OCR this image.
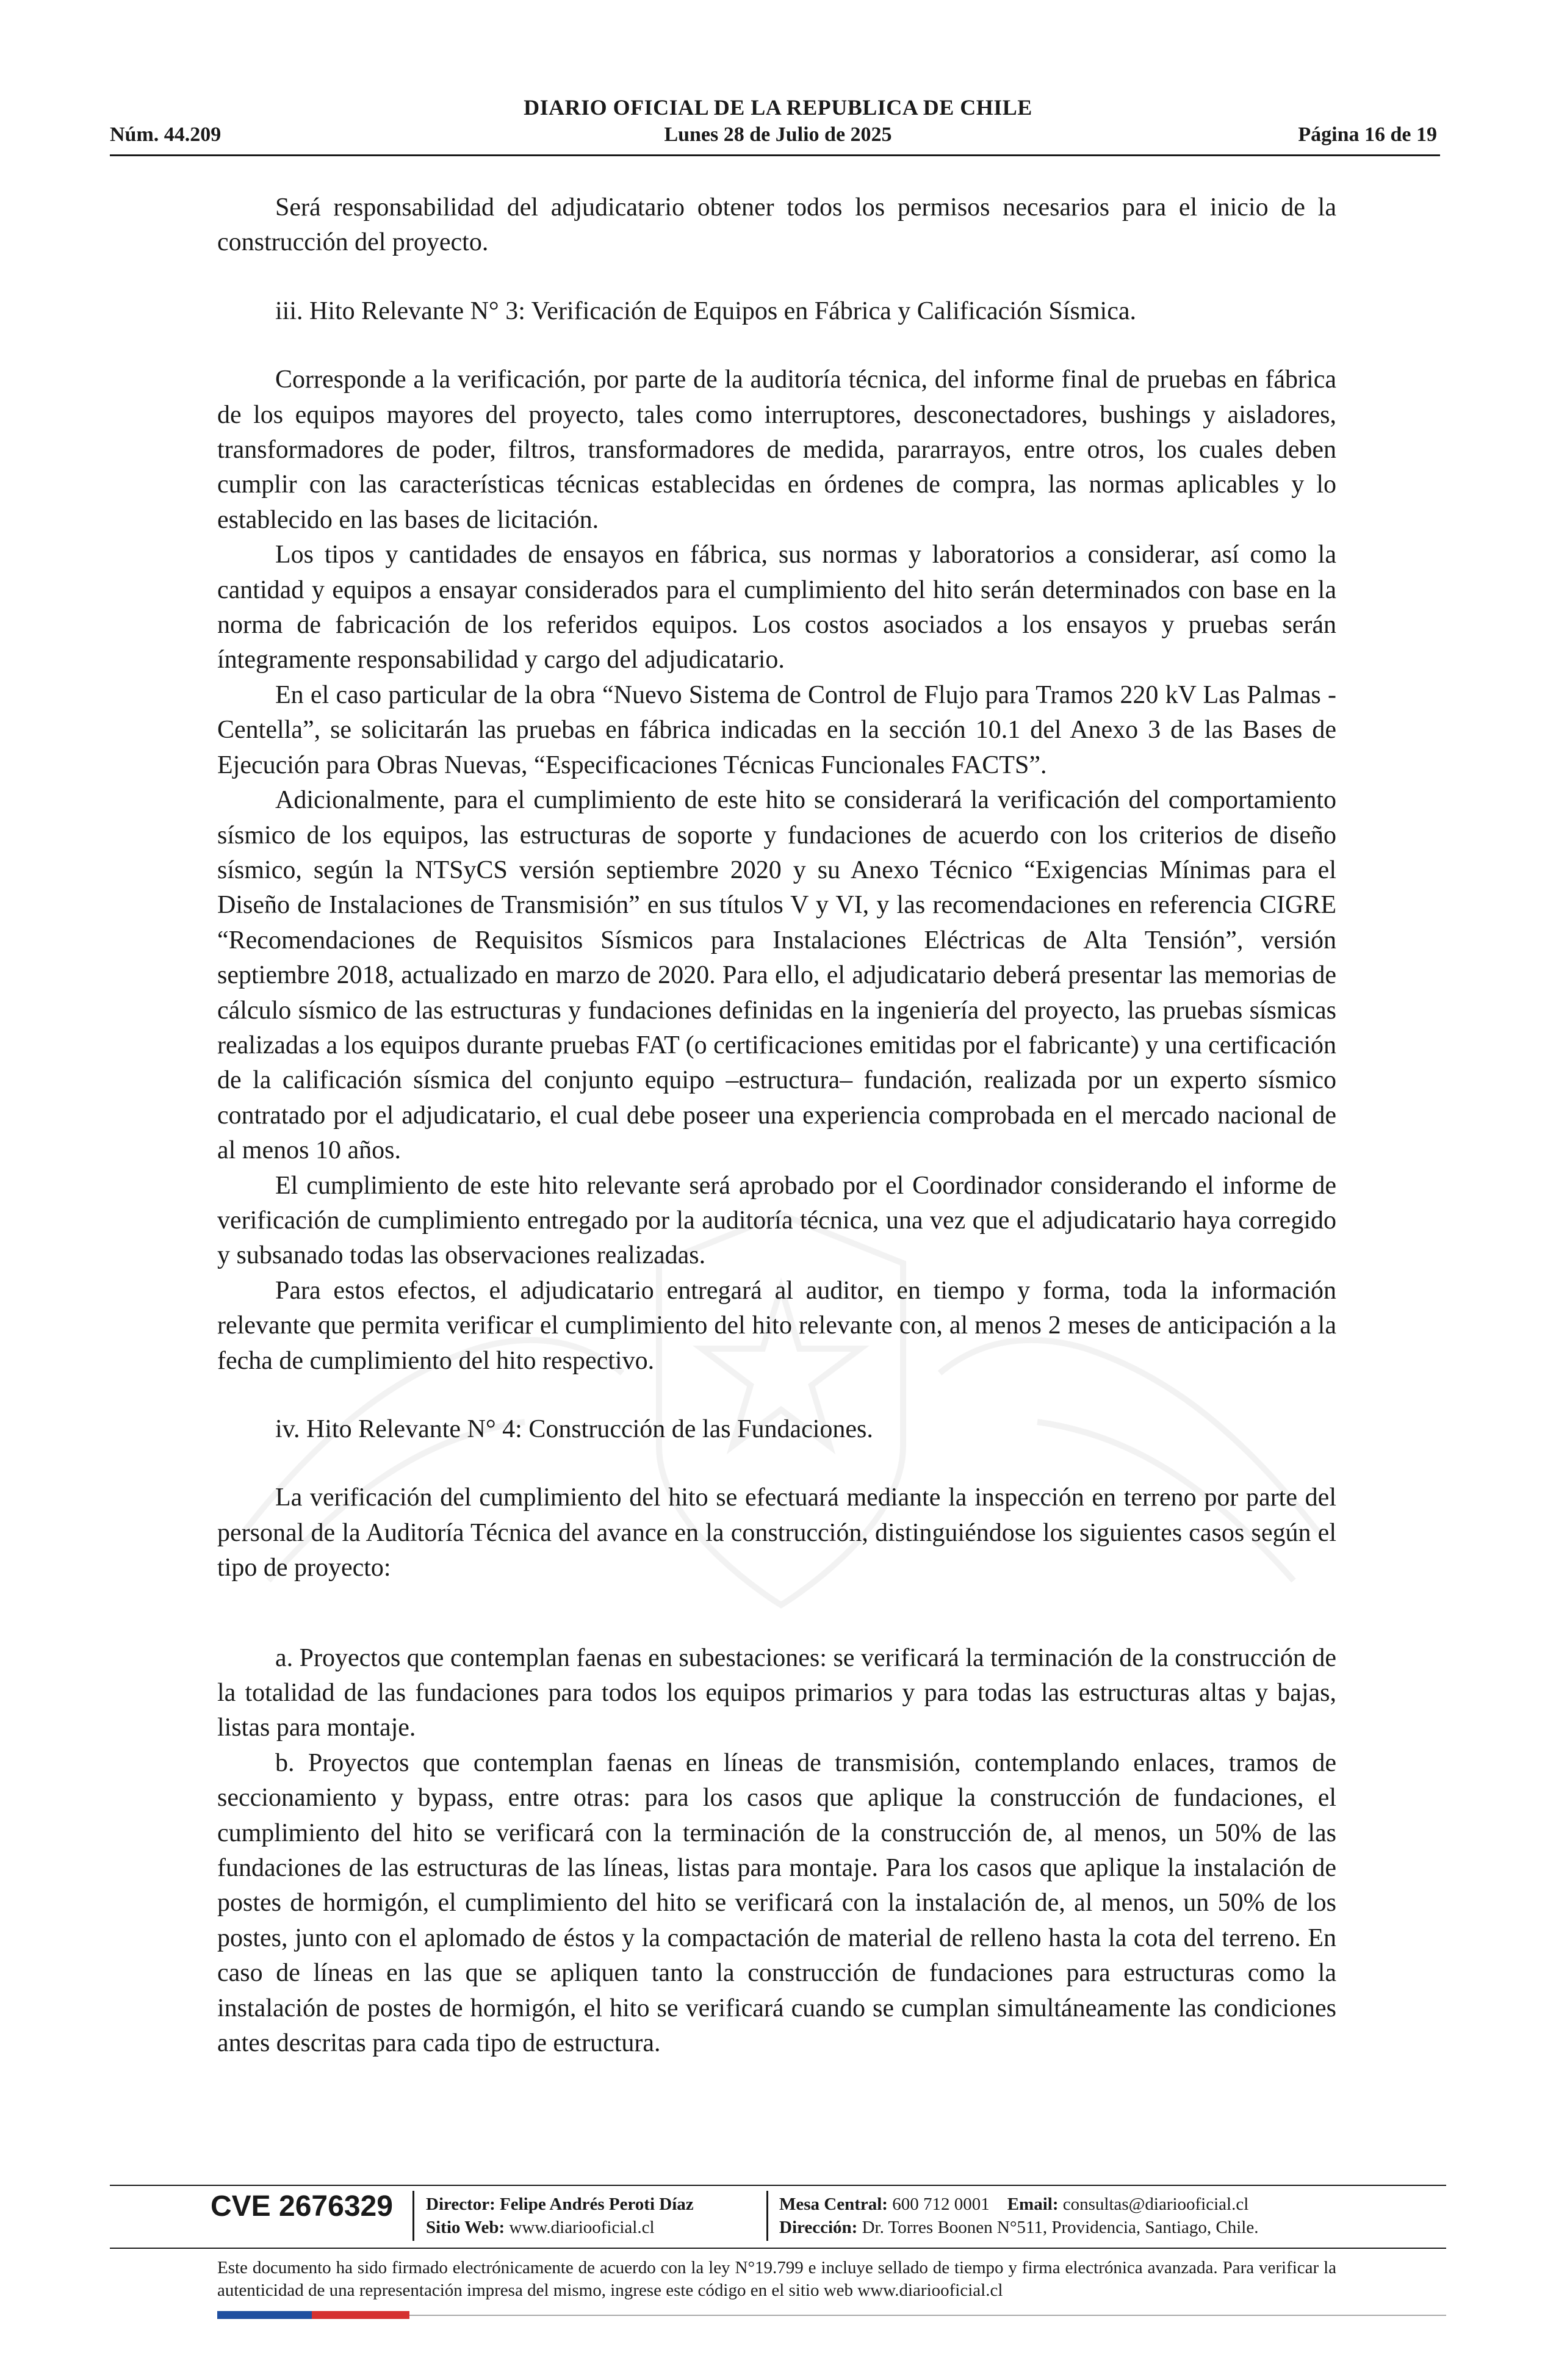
DIARIO OFICIAL DE LA REPUBLICA DE CHILE
Núm. 44.209	Lunes 28 de Julio de 2025	Página 16 de 19

Será responsabilidad del adjudicatario obtener todos los permisos necesarios para el inicio de la construcción del proyecto.

iii. Hito Relevante N° 3: Verificación de Equipos en Fábrica y Calificación Sísmica.

Corresponde a la verificación, por parte de la auditoría técnica, del informe final de pruebas en fábrica de los equipos mayores del proyecto, tales como interruptores, desconectadores, bushings y aisladores, transformadores de poder, filtros, transformadores de medida, pararrayos, entre otros, los cuales deben cumplir con las características técnicas establecidas en órdenes de compra, las normas aplicables y lo establecido en las bases de licitación.

Los tipos y cantidades de ensayos en fábrica, sus normas y laboratorios a considerar, así como la cantidad y equipos a ensayar considerados para el cumplimiento del hito serán determinados con base en la norma de fabricación de los referidos equipos. Los costos asociados a los ensayos y pruebas serán íntegramente responsabilidad y cargo del adjudicatario.

En el caso particular de la obra “Nuevo Sistema de Control de Flujo para Tramos 220 kV Las Palmas - Centella”, se solicitarán las pruebas en fábrica indicadas en la sección 10.1 del Anexo 3 de las Bases de Ejecución para Obras Nuevas, “Especificaciones Técnicas Funcionales FACTS”.

Adicionalmente, para el cumplimiento de este hito se considerará la verificación del comportamiento sísmico de los equipos, las estructuras de soporte y fundaciones de acuerdo con los criterios de diseño sísmico, según la NTSyCS versión septiembre 2020 y su Anexo Técnico “Exigencias Mínimas para el Diseño de Instalaciones de Transmisión” en sus títulos V y VI, y las recomendaciones en referencia CIGRE “Recomendaciones de Requisitos Sísmicos para Instalaciones Eléctricas de Alta Tensión”, versión septiembre 2018, actualizado en marzo de 2020. Para ello, el adjudicatario deberá presentar las memorias de cálculo sísmico de las estructuras y fundaciones definidas en la ingeniería del proyecto, las pruebas sísmicas realizadas a los equipos durante pruebas FAT (o certificaciones emitidas por el fabricante) y una certificación de la calificación sísmica del conjunto equipo –estructura– fundación, realizada por un experto sísmico contratado por el adjudicatario, el cual debe poseer una experiencia comprobada en el mercado nacional de al menos 10 años.

El cumplimiento de este hito relevante será aprobado por el Coordinador considerando el informe de verificación de cumplimiento entregado por la auditoría técnica, una vez que el adjudicatario haya corregido y subsanado todas las observaciones realizadas.

Para estos efectos, el adjudicatario entregará al auditor, en tiempo y forma, toda la información relevante que permita verificar el cumplimiento del hito relevante con, al menos 2 meses de anticipación a la fecha de cumplimiento del hito respectivo.

iv. Hito Relevante N° 4: Construcción de las Fundaciones.

La verificación del cumplimiento del hito se efectuará mediante la inspección en terreno por parte del personal de la Auditoría Técnica del avance en la construcción, distinguiéndose los siguientes casos según el tipo de proyecto:

a. Proyectos que contemplan faenas en subestaciones: se verificará la terminación de la construcción de la totalidad de las fundaciones para todos los equipos primarios y para todas las estructuras altas y bajas, listas para montaje.

b. Proyectos que contemplan faenas en líneas de transmisión, contemplando enlaces, tramos de seccionamiento y bypass, entre otras: para los casos que aplique la construcción de fundaciones, el cumplimiento del hito se verificará con la terminación de la construcción de, al menos, un 50% de las fundaciones de las estructuras de las líneas, listas para montaje. Para los casos que aplique la instalación de postes de hormigón, el cumplimiento del hito se verificará con la instalación de, al menos, un 50% de los postes, junto con el aplomado de éstos y la compactación de material de relleno hasta la cota del terreno. En caso de líneas en las que se apliquen tanto la construcción de fundaciones para estructuras como la instalación de postes de hormigón, el hito se verificará cuando se cumplan simultáneamente las condiciones antes descritas para cada tipo de estructura.

CVE 2676329 Director: Felipe Andrés Peroti Díaz
Sitio Web: www.diariooficial.cl
Mesa Central: 600 712 0001 Email: consultas@diariooficial.cl
Dirección: Dr. Torres Boonen N°511, Providencia, Santiago, Chile.
Este documento ha sido firmado electrónicamente de acuerdo con la ley N°19.799 e incluye sellado de tiempo y firma electrónica avanzada. Para verificar la autenticidad de una representación impresa del mismo, ingrese este código en el sitio web www.diariooficial.cl
